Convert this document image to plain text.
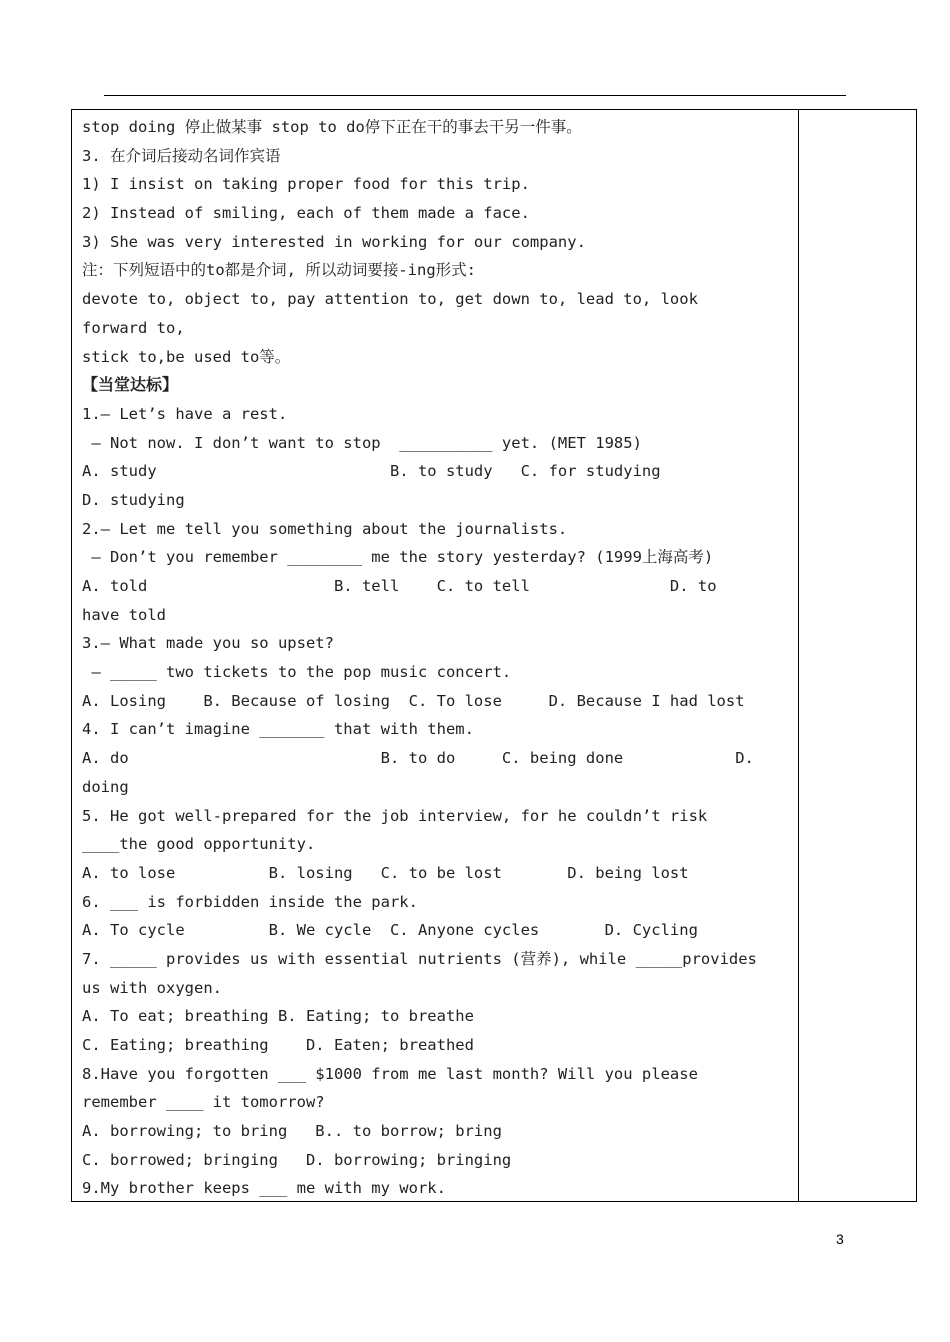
stop doing 停止做某事 stop to do停下正在干的事去干另一件事。
3. 在介词后接动名词作宾语
1) I insist on taking proper food for this trip.
2) Instead of smiling, each of them made a face.
3) She was very interested in working for our company.
注：下列短语中的to都是介词, 所以动词要接-ing形式:
devote to, object to, pay attention to, get down to, lead to, look
forward to,
stick to,be used to等。
【当堂达标】
1.— Let’s have a rest.
— Not now. I don’t want to stop  __________ yet. (MET 1985)
A. study                         B. to study   C. for studying
D. studying
2.— Let me tell you something about the journalists.
— Don’t you remember ________ me the story yesterday? (1999上海高考)
A. told                    B. tell    C. to tell               D. to
have told
3.— What made you so upset?
— _____ two tickets to the pop music concert.
A. Losing    B. Because of losing  C. To lose     D. Because I had lost
4. I can’t imagine _______ that with them.
A. do                           B. to do     C. being done            D.
doing
5. He got well-prepared for the job interview, for he couldn’t risk
____the good opportunity.
A. to lose          B. losing   C. to be lost       D. being lost
6. ___ is forbidden inside the park.
A. To cycle         B. We cycle  C. Anyone cycles       D. Cycling
7. _____ provides us with essential nutrients (营养), while _____provides
us with oxygen.
A. To eat; breathing B. Eating; to breathe
C. Eating; breathing    D. Eaten; breathed
8.Have you forgotten ___ $1000 from me last month? Will you please
remember ____ it tomorrow?
A. borrowing; to bring   B.. to borrow; bring
C. borrowed; bringing   D. borrowing; bringing
9.My brother keeps ___ me with my work.
3
